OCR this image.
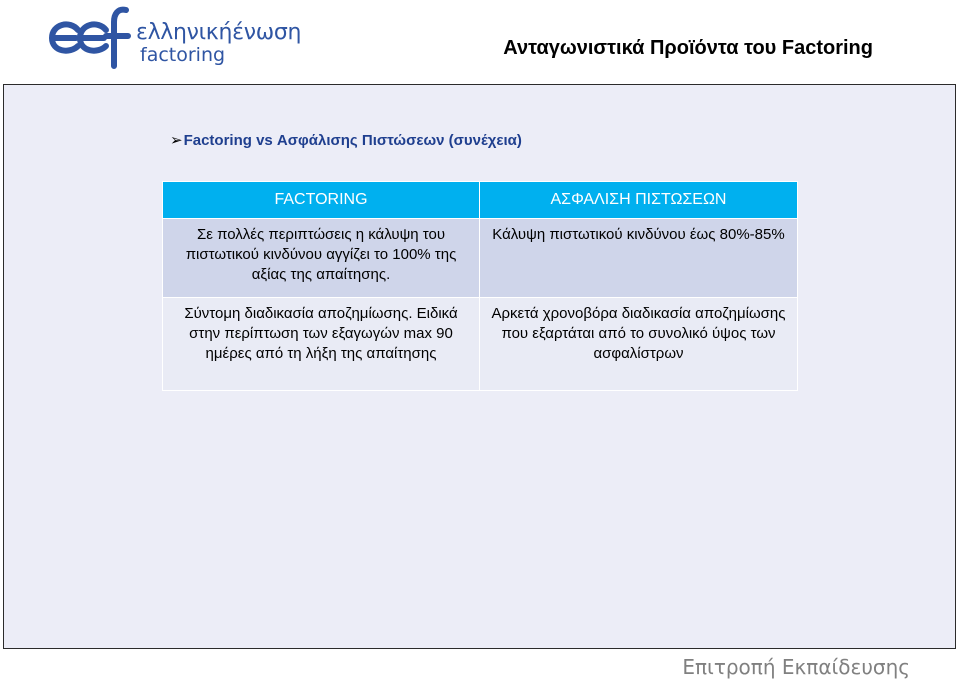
ελληνικήένωση
factoring	Ανταγωνιστικά Προϊόντα του Factoring
➢Factoring vs Ασφάλισης Πιστώσεων (συνέχεια)
FACTORING	ΑΣΦΑΛΙΣΗ ΠΙΣΤΩΣΕΩΝ
Σε πολλές περιπτώσεις η κάλυψη του πιστωτικού κινδύνου αγγίζει το 100% της αξίας της απαίτησης.	Κάλυψη πιστωτικού κινδύνου έως 80%-85%
Σύντομη διαδικασία αποζημίωσης. Ειδικά στην περίπτωση των εξαγωγών max 90 ημέρες από τη λήξη της απαίτησης	Αρκετά χρονοβόρα διαδικασία αποζημίωσης που εξαρτάται από το συνολικό ύψος των ασφαλίστρων
Επιτροπή Εκπαίδευσης
